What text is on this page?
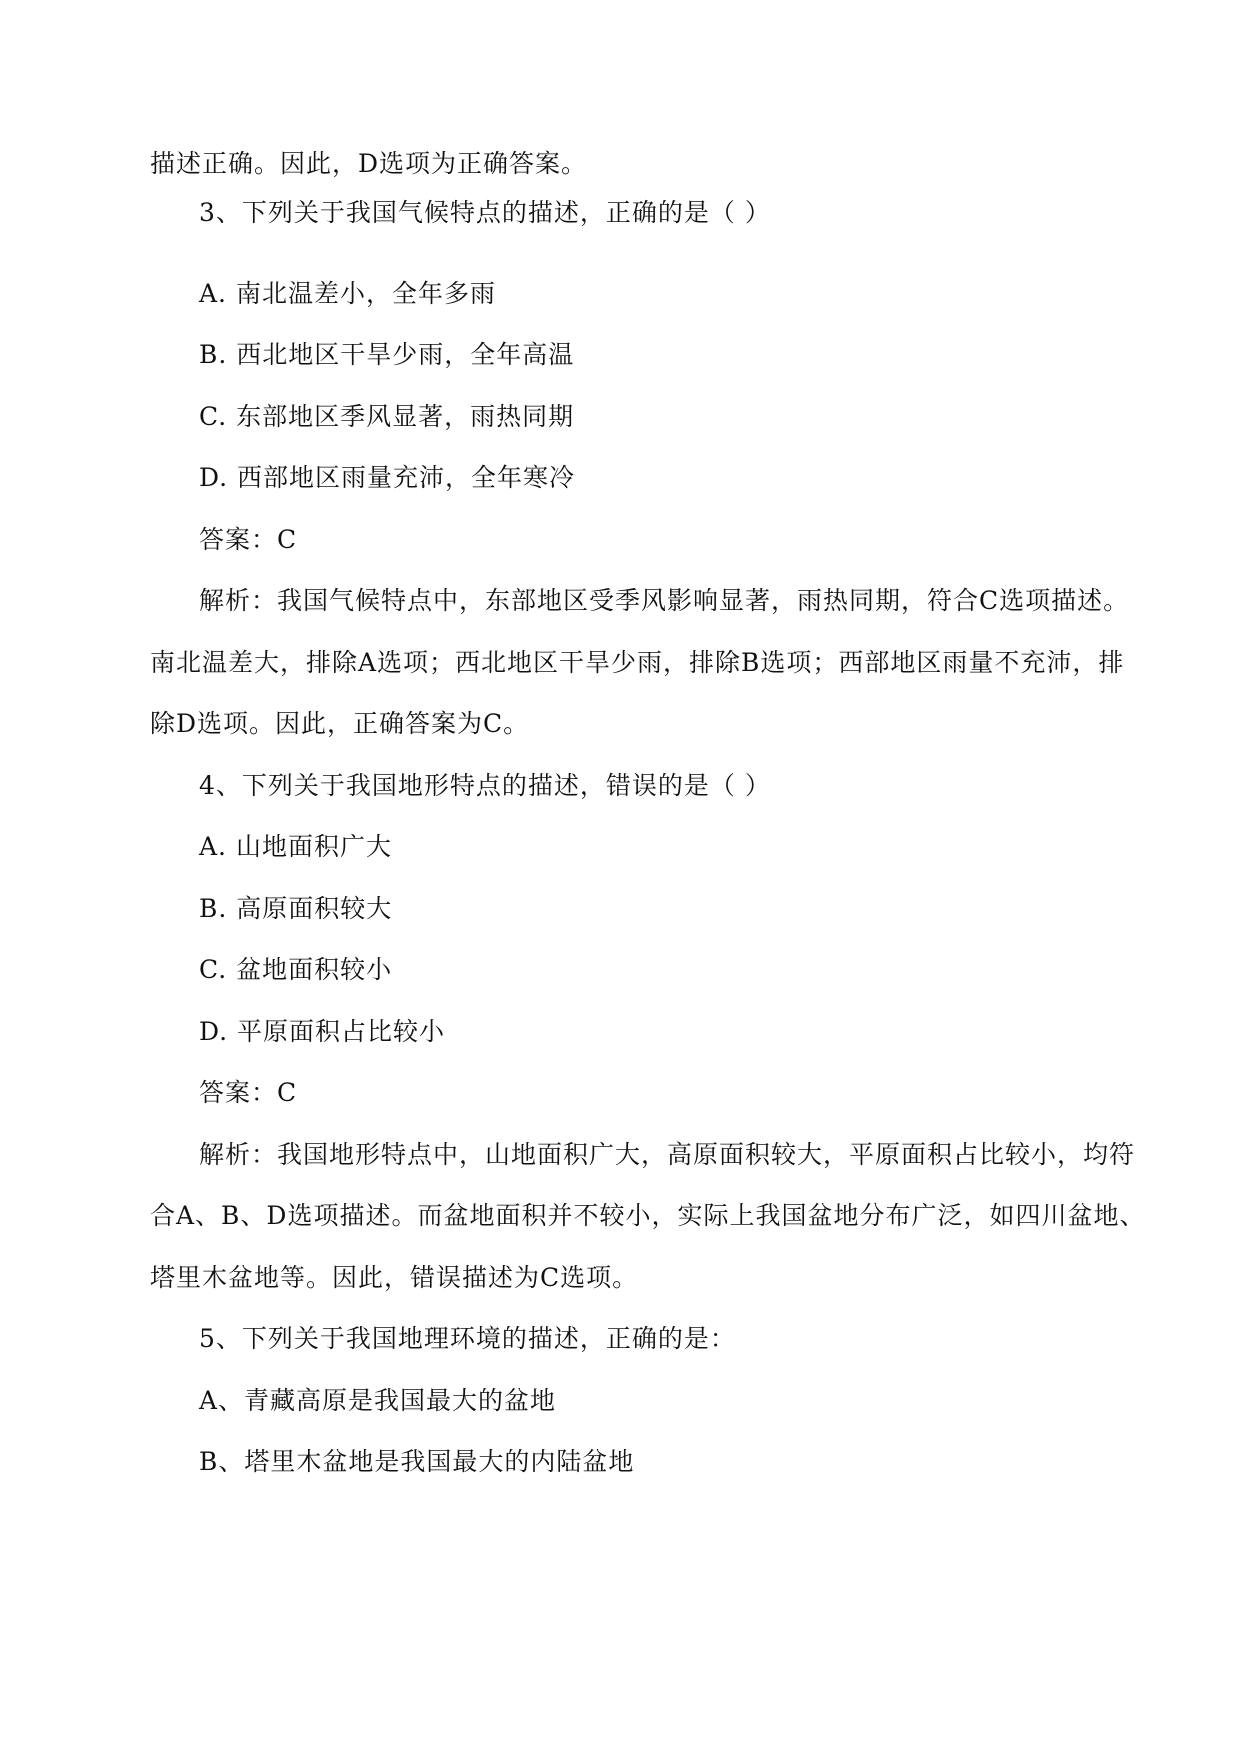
描述正确。因此，D选项为正确答案。
3、下列关于我国气候特点的描述，正确的是（ ）
A. 南北温差小，全年多雨
B. 西北地区干旱少雨，全年高温
C. 东部地区季风显著，雨热同期
D. 西部地区雨量充沛，全年寒冷
答案：C
解析：我国气候特点中，东部地区受季风影响显著，雨热同期，符合C选项描述。
南北温差大，排除A选项；西北地区干旱少雨，排除B选项；西部地区雨量不充沛，排
除D选项。因此，正确答案为C。
4、下列关于我国地形特点的描述，错误的是（ ）
A. 山地面积广大
B. 高原面积较大
C. 盆地面积较小
D. 平原面积占比较小
答案：C
解析：我国地形特点中，山地面积广大，高原面积较大，平原面积占比较小，均符
合A、B、D选项描述。而盆地面积并不较小，实际上我国盆地分布广泛，如四川盆地、
塔里木盆地等。因此，错误描述为C选项。
5、下列关于我国地理环境的描述，正确的是：
A、青藏高原是我国最大的盆地
B、塔里木盆地是我国最大的内陆盆地
